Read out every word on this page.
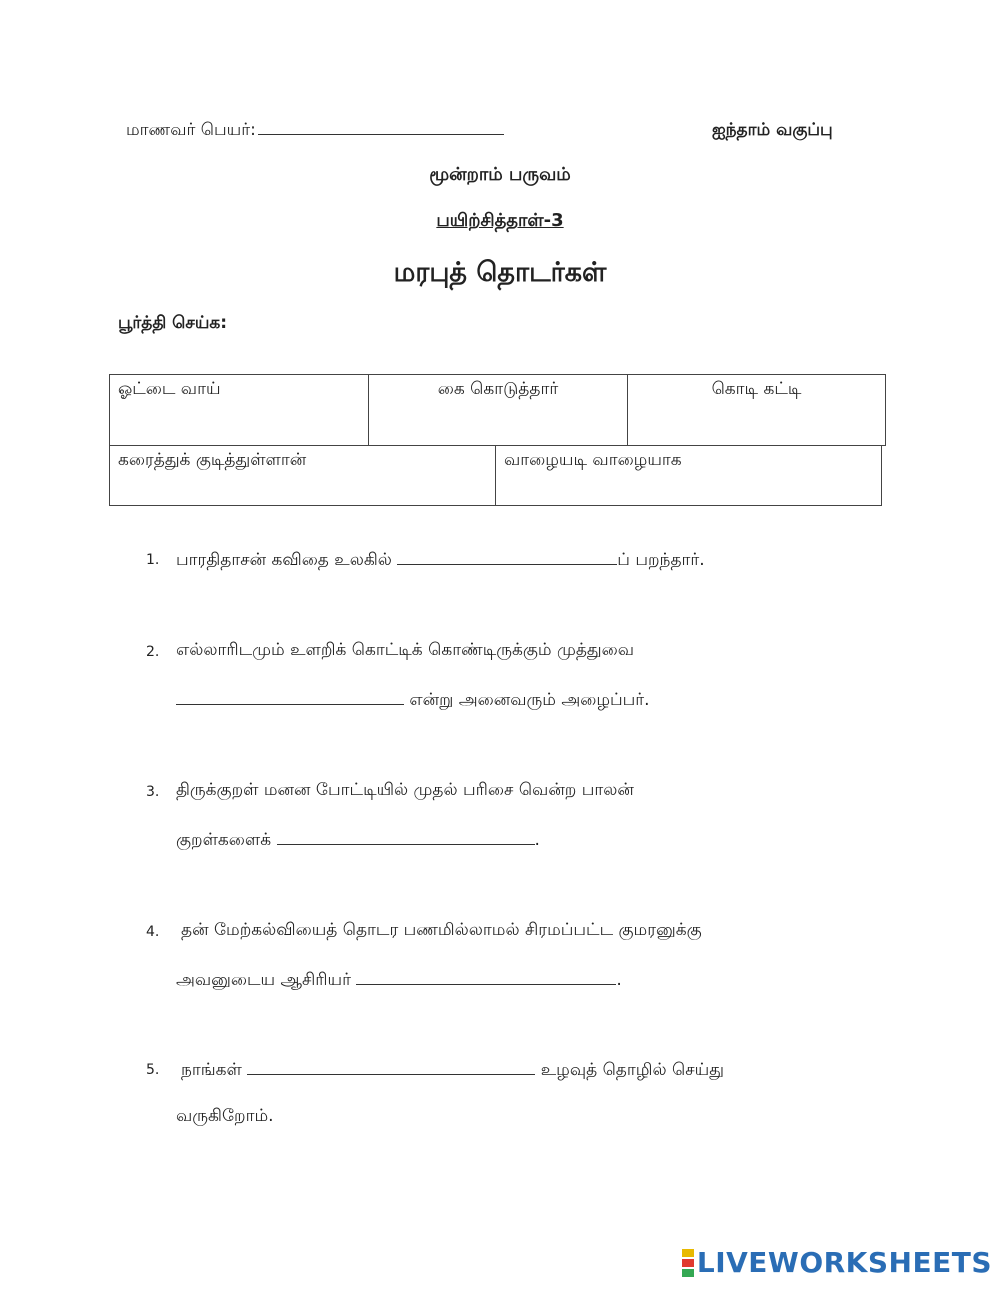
மாணவர் பெயர்:	ஐந்தாம் வகுப்பு
மூன்றாம் பருவம்
பயிற்சித்தாள்-3
மரபுத் தொடர்கள்
பூர்த்தி செய்க:
ஓட்டை வாய்	கை கொடுத்தார்	கொடி கட்டி
கரைத்துக் குடித்துள்ளான்	வாழையடி வாழையாக
1. பாரதிதாசன் கவிதை உலகில்	ப் பறந்தார்.
2. எல்லாரிடமும் உளறிக் கொட்டிக் கொண்டிருக்கும் முத்துவை
என்று அனைவரும் அழைப்பர்.
3. திருக்குறள் மனன போட்டியில் முதல் பரிசை வென்ற பாலன்
குறள்களைக்	.
4. தன் மேற்கல்வியைத் தொடர பணமில்லாமல் சிரமப்பட்ட குமரனுக்கு
அவனுடைய ஆசிரியர்	.
5. நாங்கள்	உழவுத் தொழில் செய்து
வருகிறோம்.
LIVEWORKSHEETS
